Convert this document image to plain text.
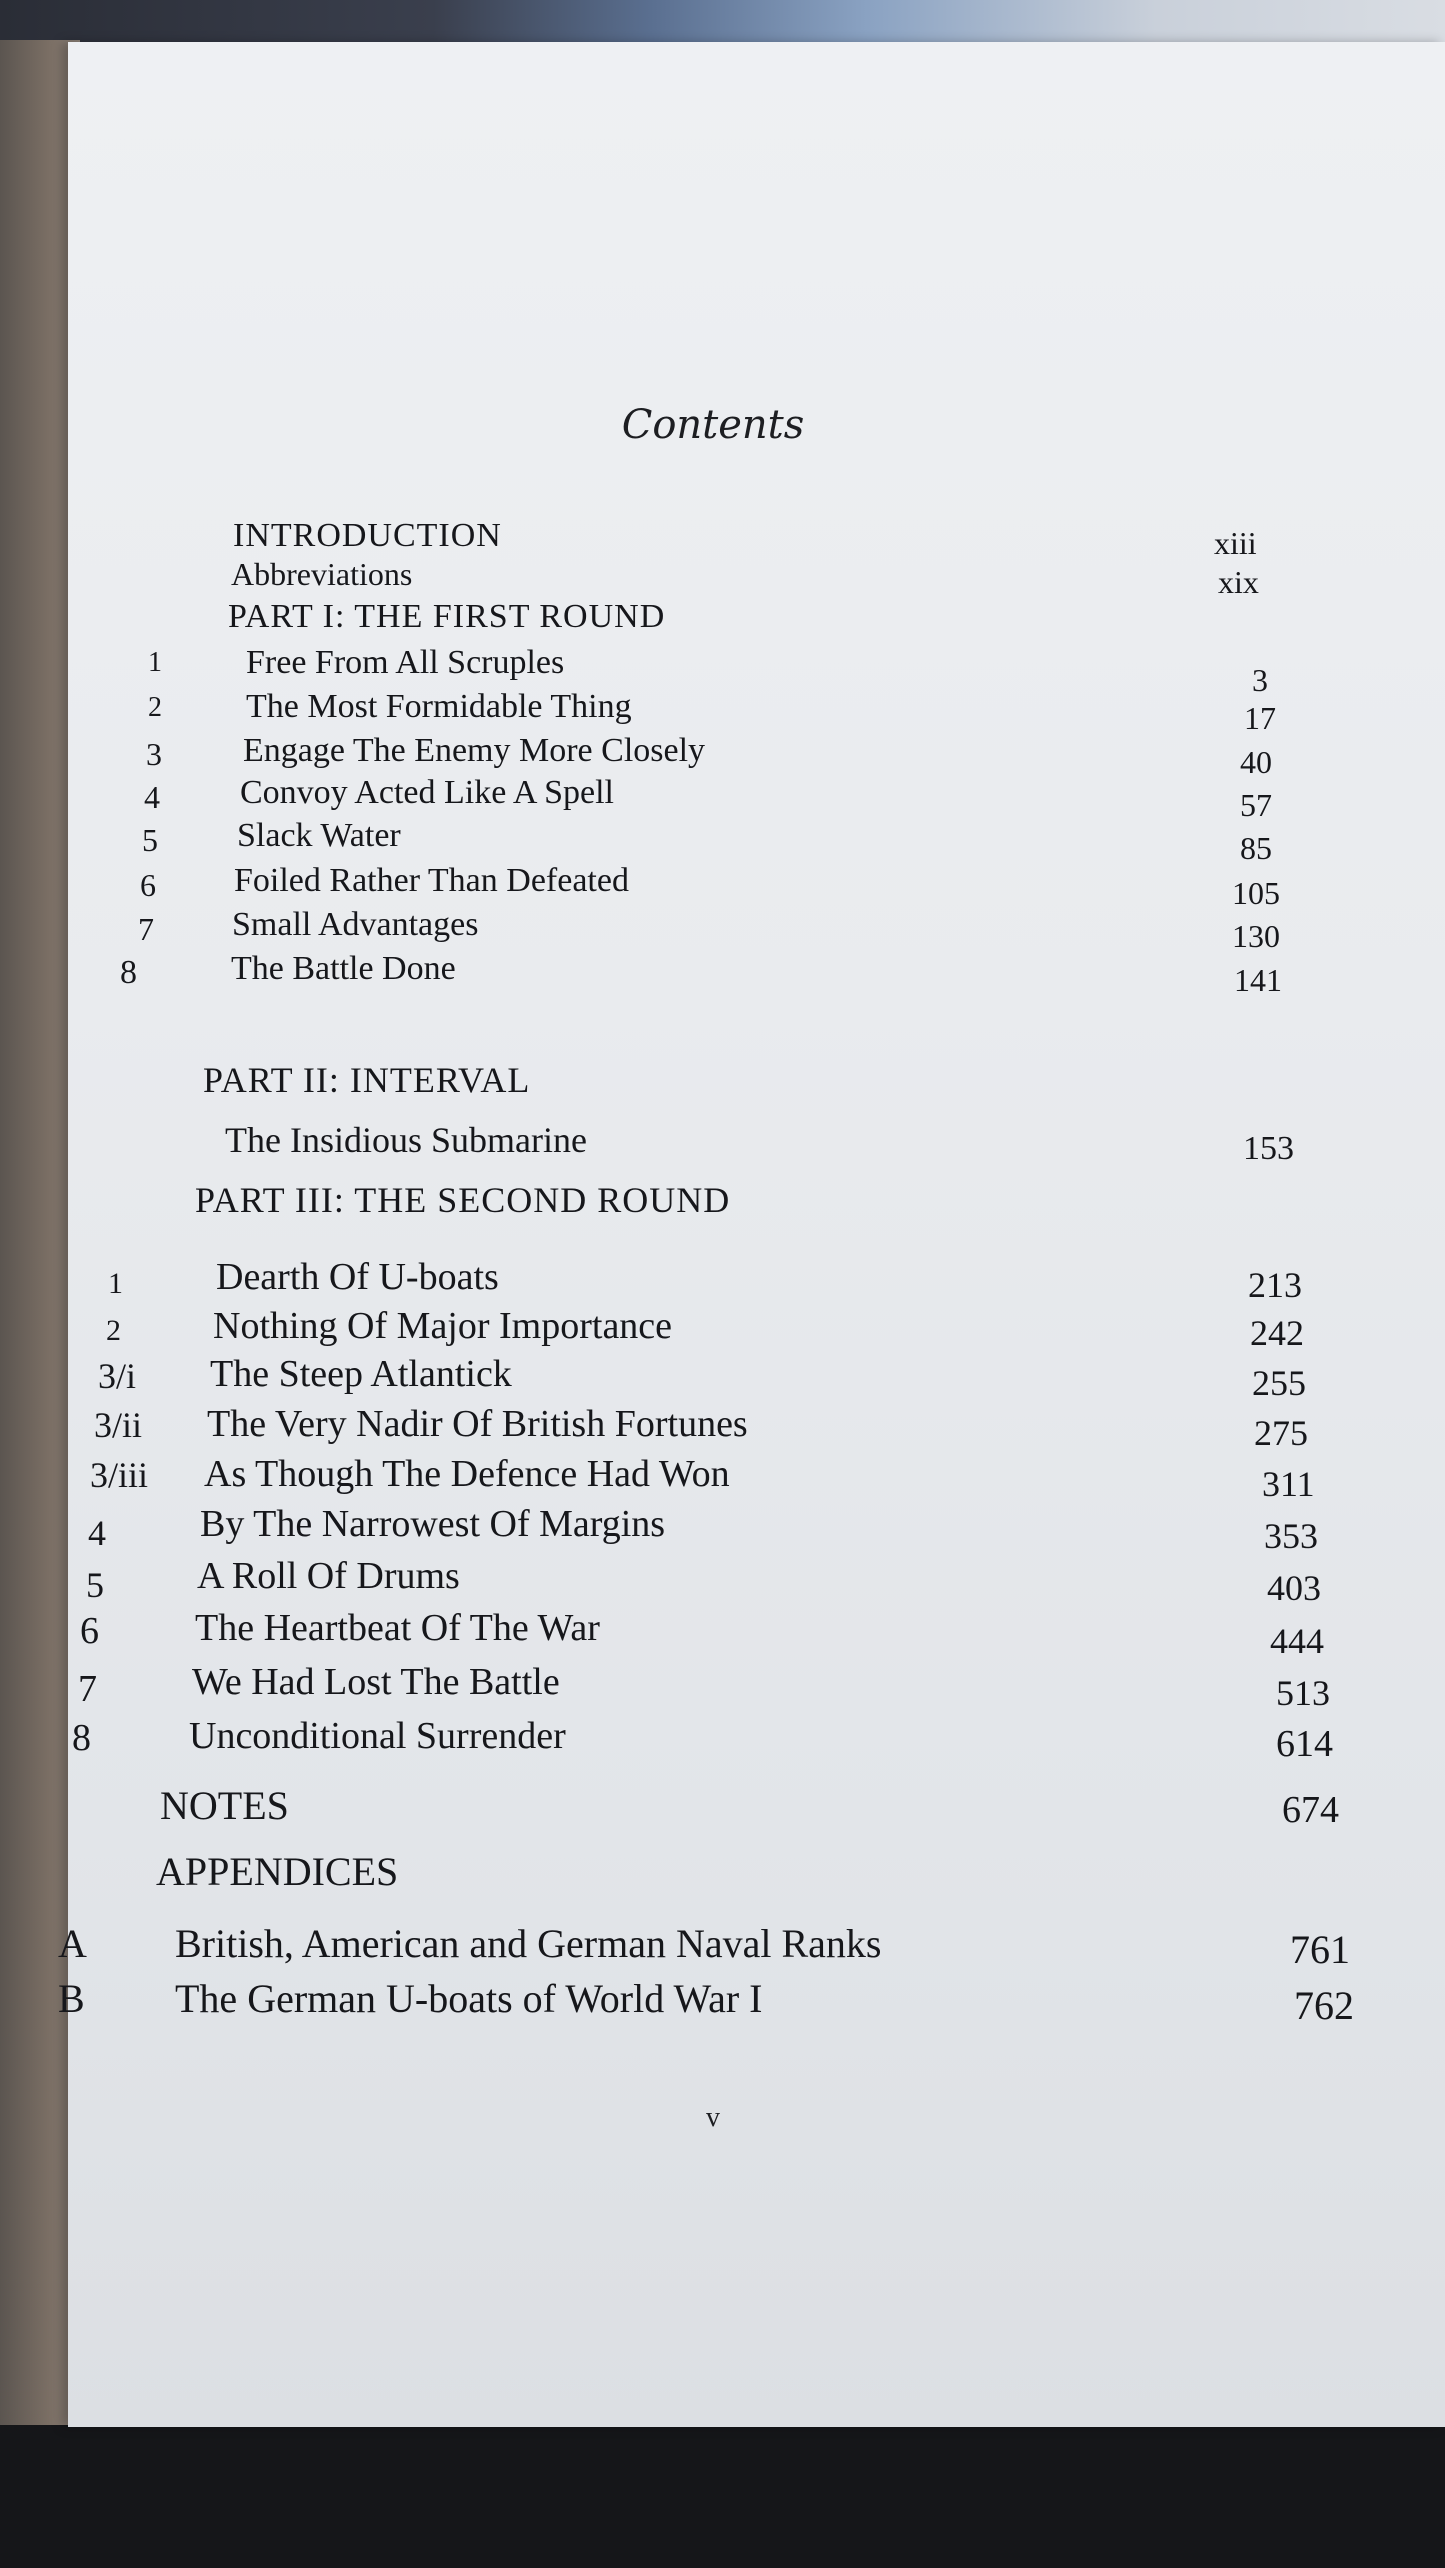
Contents
INTRODUCTION	xiii
Abbreviations	xix
PART I: THE FIRST ROUND
1 Free From All Scruples	3
2 The Most Formidable Thing	17
3 Engage The Enemy More Closely	40
4 Convoy Acted Like A Spell	57
5 Slack Water	85
6 Foiled Rather Than Defeated	105
7 Small Advantages	130
8	The Battle Done	141
PART II: INTERVAL
The Insidious Submarine	153
PART III: THE SECOND ROUND
1 Dearth Of U-boats	213
2 Nothing Of Major Importance	242
3/i The Steep Atlantick	255
3/ii The Very Nadir Of British Fortunes	275
3/iii As Though The Defence Had Won	311
4 By The Narrowest Of Margins	353
5 A Roll Of Drums	403
6	The Heartbeat Of The War	444
7	We Had Lost The Battle	513
8	Unconditional Surrender	614
NOTES	674
APPENDICES
A British, American and German Naval Ranks	761
B The German U-boats of World War I	762
v
